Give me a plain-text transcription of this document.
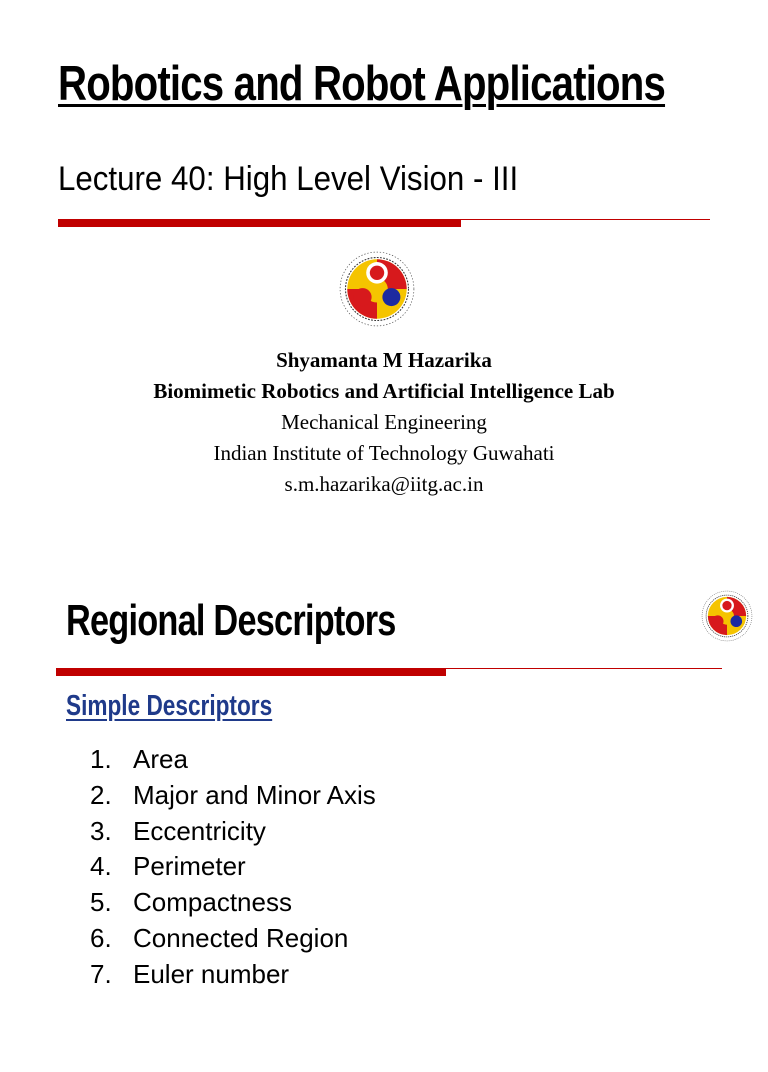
Robotics and Robot Applications
Lecture 40: High Level Vision - III
Shyamanta M Hazarika
Biomimetic Robotics and Artificial Intelligence Lab
Mechanical Engineering
Indian Institute of Technology Guwahati
s.m.hazarika@iitg.ac.in
Regional Descriptors
Simple Descriptors
1. Area
2. Major and Minor Axis
3. Eccentricity
4. Perimeter
5. Compactness
6. Connected Region
7. Euler number
